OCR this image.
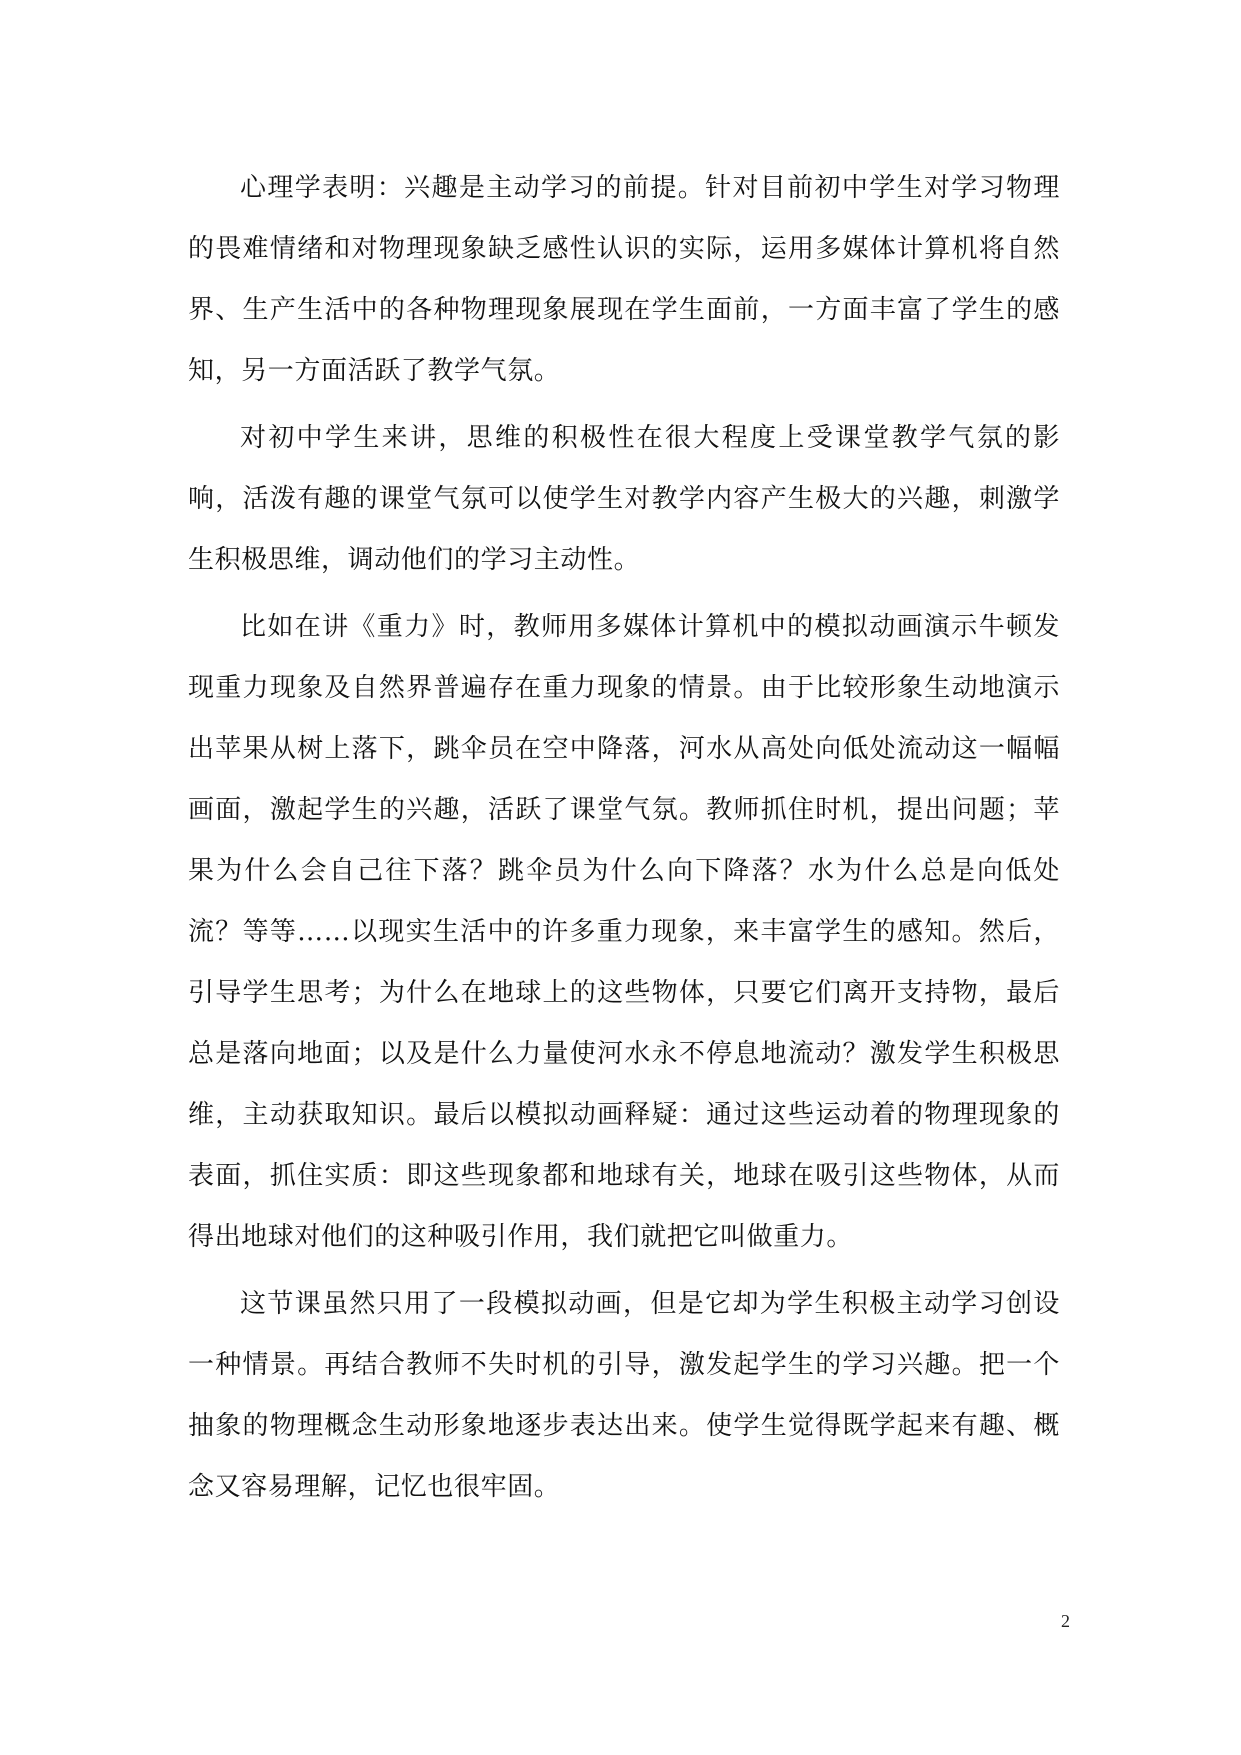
心理学表明：兴趣是主动学习的前提。针对目前初中学生对学习物理的畏难情绪和对物理现象缺乏感性认识的实际，运用多媒体计算机将自然界、生产生活中的各种物理现象展现在学生面前，一方面丰富了学生的感知，另一方面活跃了教学气氛。

对初中学生来讲，思维的积极性在很大程度上受课堂教学气氛的影响，活泼有趣的课堂气氛可以使学生对教学内容产生极大的兴趣，刺激学生积极思维，调动他们的学习主动性。

比如在讲《重力》时，教师用多媒体计算机中的模拟动画演示牛顿发现重力现象及自然界普遍存在重力现象的情景。由于比较形象生动地演示出苹果从树上落下，跳伞员在空中降落，河水从高处向低处流动这一幅幅画面，激起学生的兴趣，活跃了课堂气氛。教师抓住时机，提出问题；苹果为什么会自己往下落？跳伞员为什么向下降落？水为什么总是向低处流？等等……以现实生活中的许多重力现象，来丰富学生的感知。然后，引导学生思考；为什么在地球上的这些物体，只要它们离开支持物，最后总是落向地面；以及是什么力量使河水永不停息地流动？激发学生积极思维，主动获取知识。最后以模拟动画释疑：通过这些运动着的物理现象的表面，抓住实质：即这些现象都和地球有关，地球在吸引这些物体，从而得出地球对他们的这种吸引作用，我们就把它叫做重力。

这节课虽然只用了一段模拟动画，但是它却为学生积极主动学习创设一种情景。再结合教师不失时机的引导，激发起学生的学习兴趣。把一个抽象的物理概念生动形象地逐步表达出来。使学生觉得既学起来有趣、概念又容易理解，记忆也很牢固。

2
